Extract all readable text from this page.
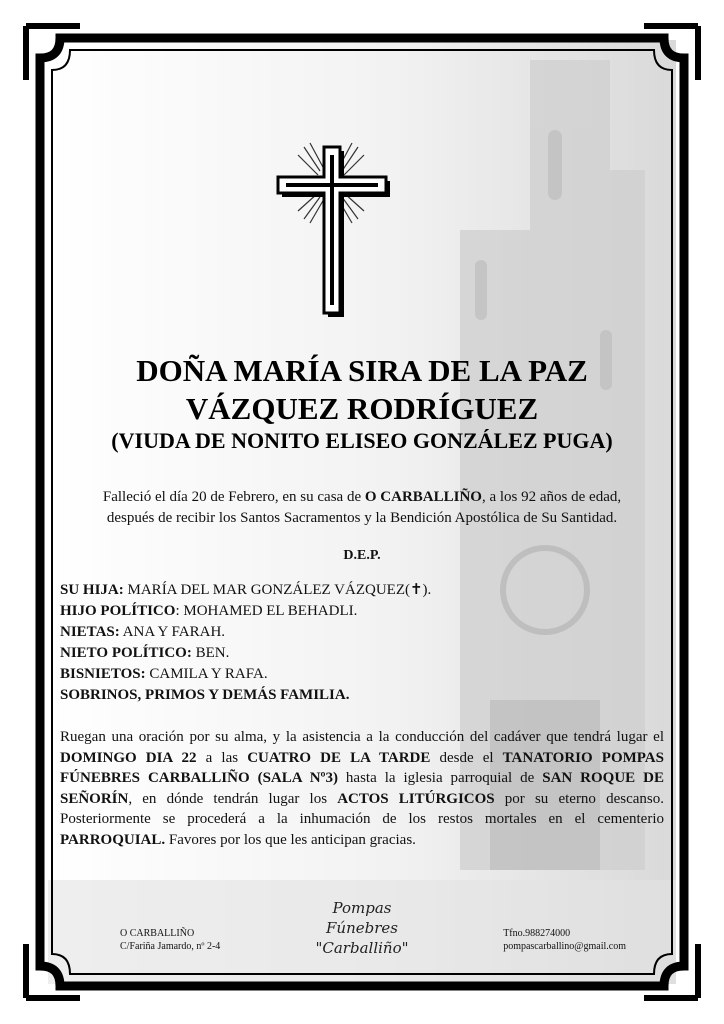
DOÑA MARÍA SIRA DE LA PAZ
VÁZQUEZ RODRÍGUEZ
(VIUDA DE NONITO ELISEO GONZÁLEZ PUGA)
Falleció el día 20 de Febrero, en su casa de O CARBALLIÑO, a los 92 años de edad,
después de recibir los Santos Sacramentos y la Bendición Apostólica de Su Santidad.
D.E.P.
SU HIJA: MARÍA DEL MAR GONZÁLEZ VÁZQUEZ(✝).
HIJO POLÍTICO: MOHAMED EL BEHADLI.
NIETAS: ANA Y FARAH.
NIETO POLÍTICO: BEN.
BISNIETOS: CAMILA Y RAFA.
SOBRINOS, PRIMOS Y DEMÁS FAMILIA.
Ruegan una oración por su alma, y la asistencia a la conducción del cadáver que tendrá lugar el DOMINGO DIA 22 a las CUATRO DE LA TARDE desde el TANATORIO POMPAS FÚNEBRES CARBALLIÑO (SALA Nº3) hasta la iglesia parroquial de SAN ROQUE DE SEÑORÍN, en dónde tendrán lugar los ACTOS LITÚRGICOS por su eterno descanso. Posteriormente se procederá a la inhumación de los restos mortales en el cementerio PARROQUIAL. Favores por los que les anticipan gracias.
O CARBALLIÑO
C/Fariña Jamardo, nº 2-4
Pompas Fúnebres
"Carballiño"
Tfno.988274000
pompascarballino@gmail.com
